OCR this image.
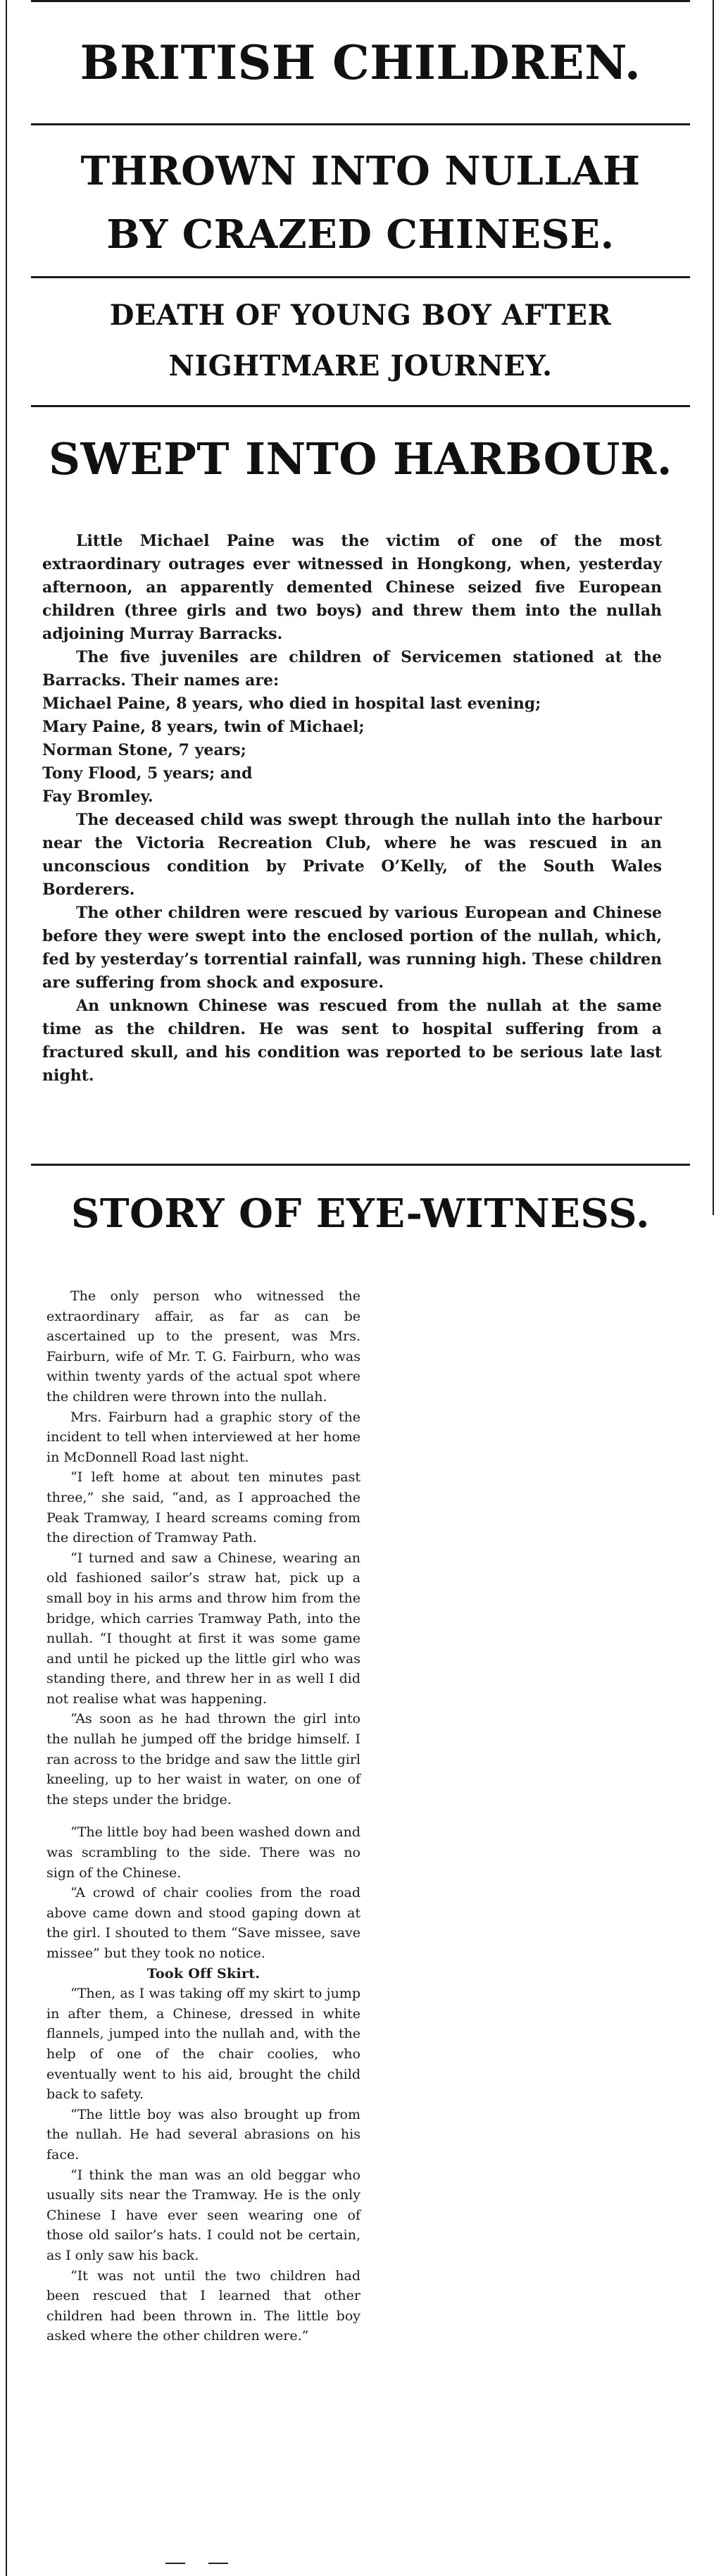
BRITISH CHILDREN.
THROWN INTO NULLAH
BY CRAZED CHINESE.
DEATH OF YOUNG BOY AFTER
NIGHTMARE JOURNEY.
SWEPT INTO HARBOUR.

Little Michael Paine was the victim of one of the most extraordinary outrages ever witnessed in Hongkong, when, yesterday afternoon, an apparently demented Chinese seized five European children (three girls and two boys) and threw them into the nullah adjoining Murray Barracks.

The five juveniles are children of Servicemen stationed at the Barracks. Their names are:

Michael Paine, 8 years, who died in hospital last evening;

Mary Paine, 8 years, twin of Michael;

Norman Stone, 7 years;

Tony Flood, 5 years; and

Fay Bromley.

The deceased child was swept through the nullah into the harbour near the Victoria Recreation Club, where he was rescued in an unconscious condition by Private O’Kelly, of the South Wales Borderers.

The other children were rescued by various European and Chinese before they were swept into the enclosed portion of the nullah, which, fed by yesterday’s torrential rainfall, was running high. These children are suffering from shock and exposure.

An unknown Chinese was rescued from the nullah at the same time as the children. He was sent to hospital suffering from a fractured skull, and his condition was reported to be serious late last night.

STORY OF EYE-WITNESS.

The only person who witnessed the extraordinary affair, as far as can be ascertained up to the present, was Mrs. Fairburn, wife of Mr. T. G. Fairburn, who was within twenty yards of the actual spot where the children were thrown into the nullah.

Mrs. Fairburn had a graphic story of the incident to tell when interviewed at her home in McDonnell Road last night.

“I left home at about ten minutes past three,” she said, “and, as I approached the Peak Tramway, I heard screams coming from the direction of Tramway Path.

“I turned and saw a Chinese, wearing an old fashioned sailor’s straw hat, pick up a small boy in his arms and throw him from the bridge, which carries Tramway Path, into the nullah. “I thought at first it was some game and until he picked up the little girl who was standing there, and threw her in as well I did not realise what was happening.

“As soon as he had thrown the girl into the nullah he jumped off the bridge himself. I ran across to the bridge and saw the little girl kneeling, up to her waist in water, on one of the steps under the bridge.

“The little boy had been washed down and was scrambling to the side. There was no sign of the Chinese.

“A crowd of chair coolies from the road above came down and stood gaping down at the girl. I shouted to them “Save missee, save missee” but they took no notice.

Took Off Skirt.

“Then, as I was taking off my skirt to jump in after them, a Chinese, dressed in white flannels, jumped into the nullah and, with the help of one of the chair coolies, who eventually went to his aid, brought the child back to safety.

“The little boy was also brought up from the nullah. He had several abrasions on his face.

“I think the man was an old beggar who usually sits near the Tramway. He is the only Chinese I have ever seen wearing one of those old sailor’s hats. I could not be certain, as I only saw his back.

“It was not until the two children had been rescued that I learned that other children had been thrown in. The little boy asked where the other children were.”
